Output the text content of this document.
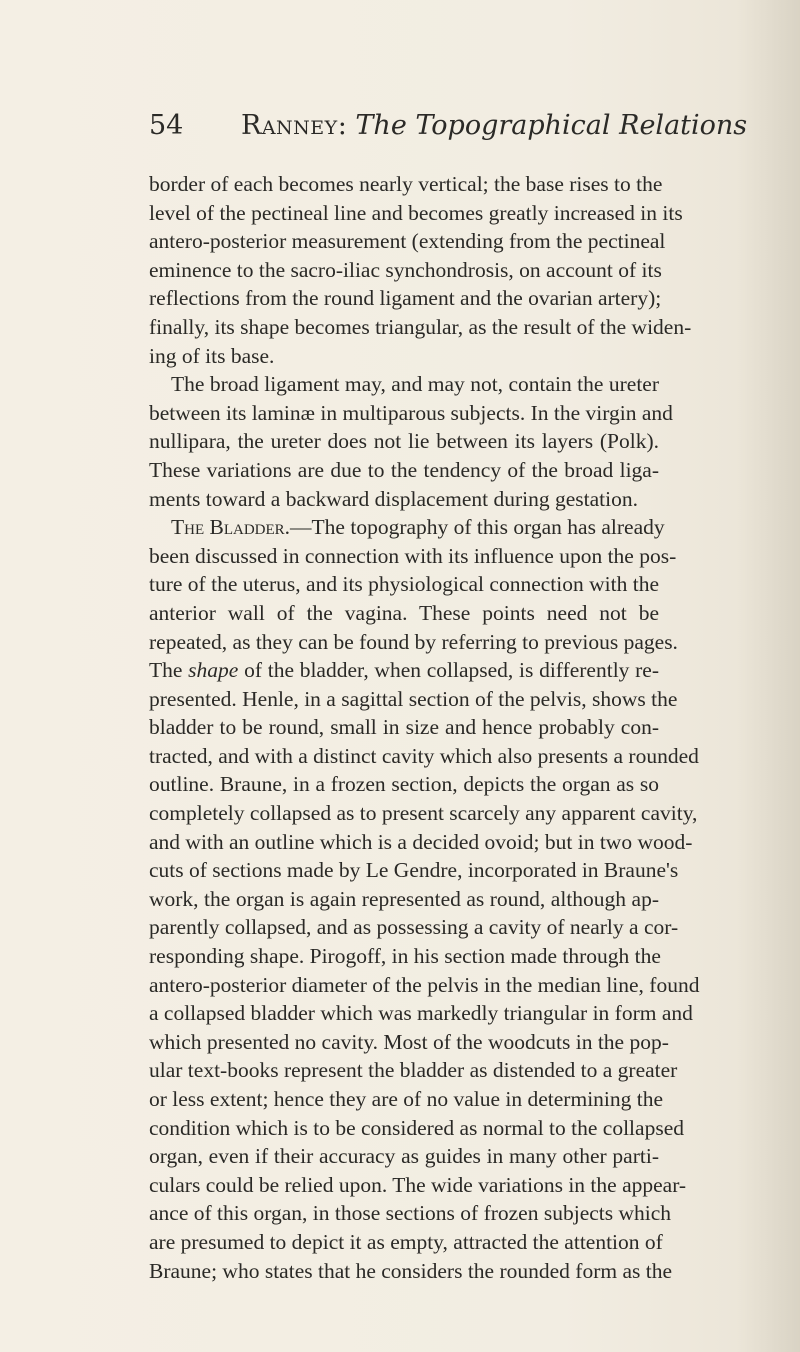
54 Ranney: The Topographical Relations
border of each becomes nearly vertical; the base rises to the
level of the pectineal line and becomes greatly increased in its
antero-posterior measurement (extending from the pectineal
eminence to the sacro-iliac synchondrosis, on account of its
reflections from the round ligament and the ovarian artery);
finally, its shape becomes triangular, as the result of the widen-
ing of its base.
The broad ligament may, and may not, contain the ureter
between its laminæ in multiparous subjects. In the virgin and
nullipara, the ureter does not lie between its layers (Polk).
These variations are due to the tendency of the broad liga-
ments toward a backward displacement during gestation.
The Bladder.—The topography of this organ has already
been discussed in connection with its influence upon the pos-
ture of the uterus, and its physiological connection with the
anterior wall of the vagina. These points need not be
repeated, as they can be found by referring to previous pages.
The shape of the bladder, when collapsed, is differently re-
presented. Henle, in a sagittal section of the pelvis, shows the
bladder to be round, small in size and hence probably con-
tracted, and with a distinct cavity which also presents a rounded
outline. Braune, in a frozen section, depicts the organ as so
completely collapsed as to present scarcely any apparent cavity,
and with an outline which is a decided ovoid; but in two wood-
cuts of sections made by Le Gendre, incorporated in Braune's
work, the organ is again represented as round, although ap-
parently collapsed, and as possessing a cavity of nearly a cor-
responding shape. Pirogoff, in his section made through the
antero-posterior diameter of the pelvis in the median line, found
a collapsed bladder which was markedly triangular in form and
which presented no cavity. Most of the woodcuts in the pop-
ular text-books represent the bladder as distended to a greater
or less extent; hence they are of no value in determining the
condition which is to be considered as normal to the collapsed
organ, even if their accuracy as guides in many other parti-
culars could be relied upon. The wide variations in the appear-
ance of this organ, in those sections of frozen subjects which
are presumed to depict it as empty, attracted the attention of
Braune; who states that he considers the rounded form as the
